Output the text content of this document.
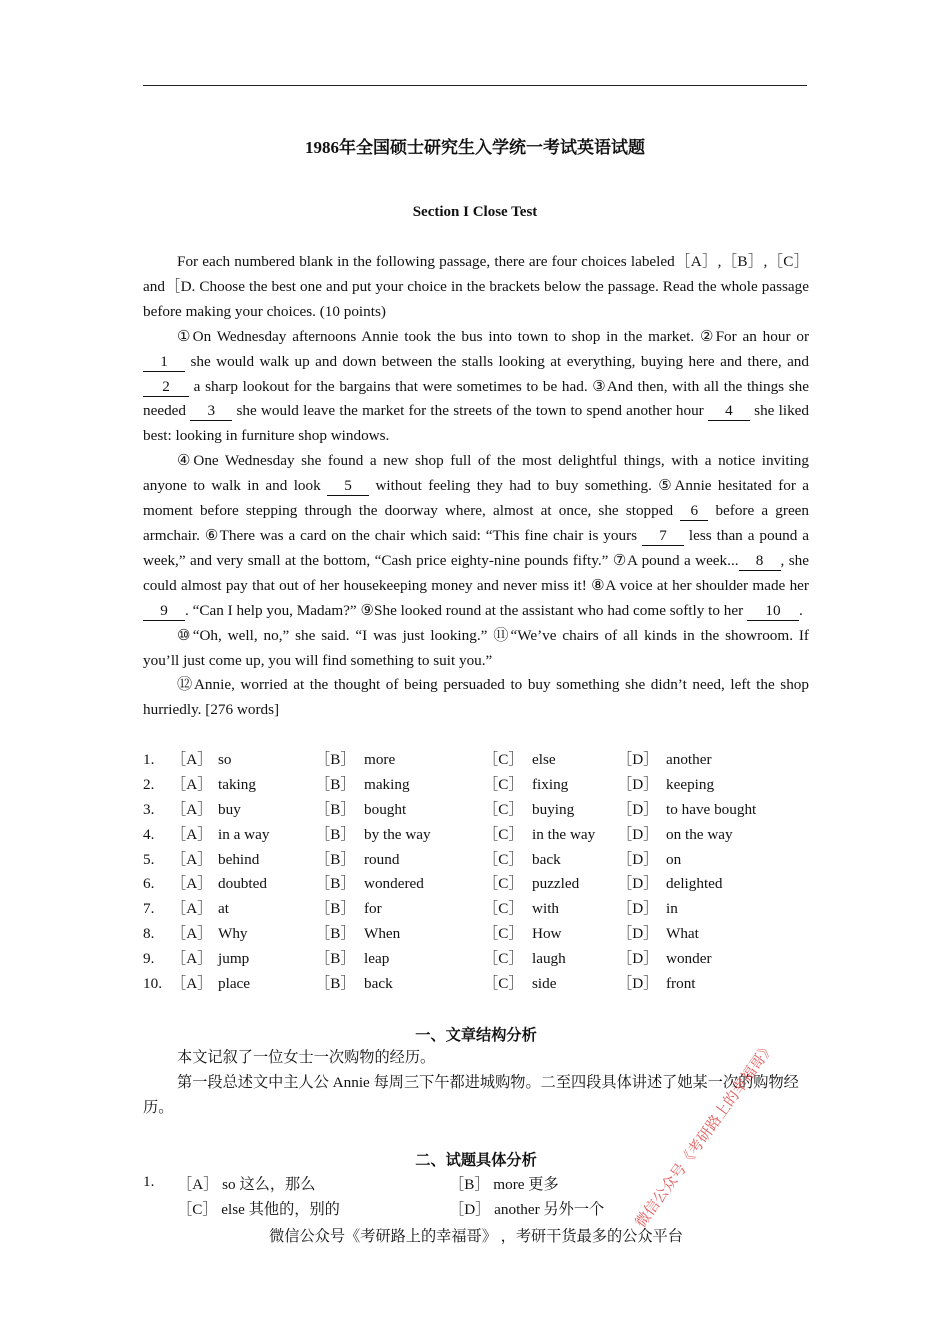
1986年全国硕士研究生入学统一考试英语试题
Section I Close Test

For each numbered blank in the following passage, there are four choices labeled［A］,［B］,［C］ and［D. Choose the best one and put your choice in the brackets below the passage. Read the whole passage before making your choices. (10 points)

①On Wednesday afternoons Annie took the bus into town to shop in the market. ②For an hour or 1 she would walk up and down between the stalls looking at everything, buying here and there, and 2 a sharp lookout for the bargains that were sometimes to be had. ③And then, with all the things she needed 3 she would leave the market for the streets of the town to spend another hour 4 she liked best: looking in furniture shop windows.

④One Wednesday she found a new shop full of the most delightful things, with a notice inviting anyone to walk in and look 5 without feeling they had to buy something. ⑤Annie hesitated for a moment before stepping through the doorway where, almost at once, she stopped 6 before a green armchair. ⑥There was a card on the chair which said: “This fine chair is yours 7 less than a pound a week,” and very small at the bottom, “Cash price eighty-nine pounds fifty.” ⑦A pound a week... 8 , she could almost pay that out of her housekeeping money and never miss it! ⑧A voice at her shoulder made her 9 . “Can I help you, Madam?” ⑨She looked round at the assistant who had come softly to her 10 .

⑩“Oh, well, no,” she said. “I was just looking.” ⑪“We’ve chairs of all kinds in the showroom. If you’ll just come up, you will find something to suit you.”

⑫Annie, worried at the thought of being persuaded to buy something she didn’t need, left the shop hurriedly. [276 words]

1. ［A］ so	［B］ more	［C］ else	［D］ another
2. ［A］ taking	［B］ making	［C］ fixing	［D］ keeping
3. ［A］ buy	［B］ bought	［C］ buying	［D］ to have bought
4. ［A］ in a way	［B］ by the way	［C］ in the way ［D］ on the way
5. ［A］ behind	［B］ round	［C］ back	［D］ on
6. ［A］ doubted	［B］ wondered	［C］ puzzled ［D］ delighted
7. ［A］ at	［B］ for	［C］ with	［D］ in
8. ［A］ Why	［B］ When	［C］ How	［D］ What
9. ［A］ jump	［B］ leap	［C］ laugh	［D］ wonder
10. ［A］ place	［B］ back	［C］ side	［D］ front
一、文章结构分析

本文记叙了一位女士一次购物的经历。

第一段总述文中主人公 Annie 每周三下午都进城购物。二至四段具体讲述了她某一次的购物经历。

二、试题具体分析
1. ［A］ so 这么，那么	［B］ more 更多
［C］ else 其他的，别的	［D］ another 另外一个
微信公众号《考研路上的幸福哥》 ，考研干货最多的公众平台
微信公众号《考研路上的幸福哥》
